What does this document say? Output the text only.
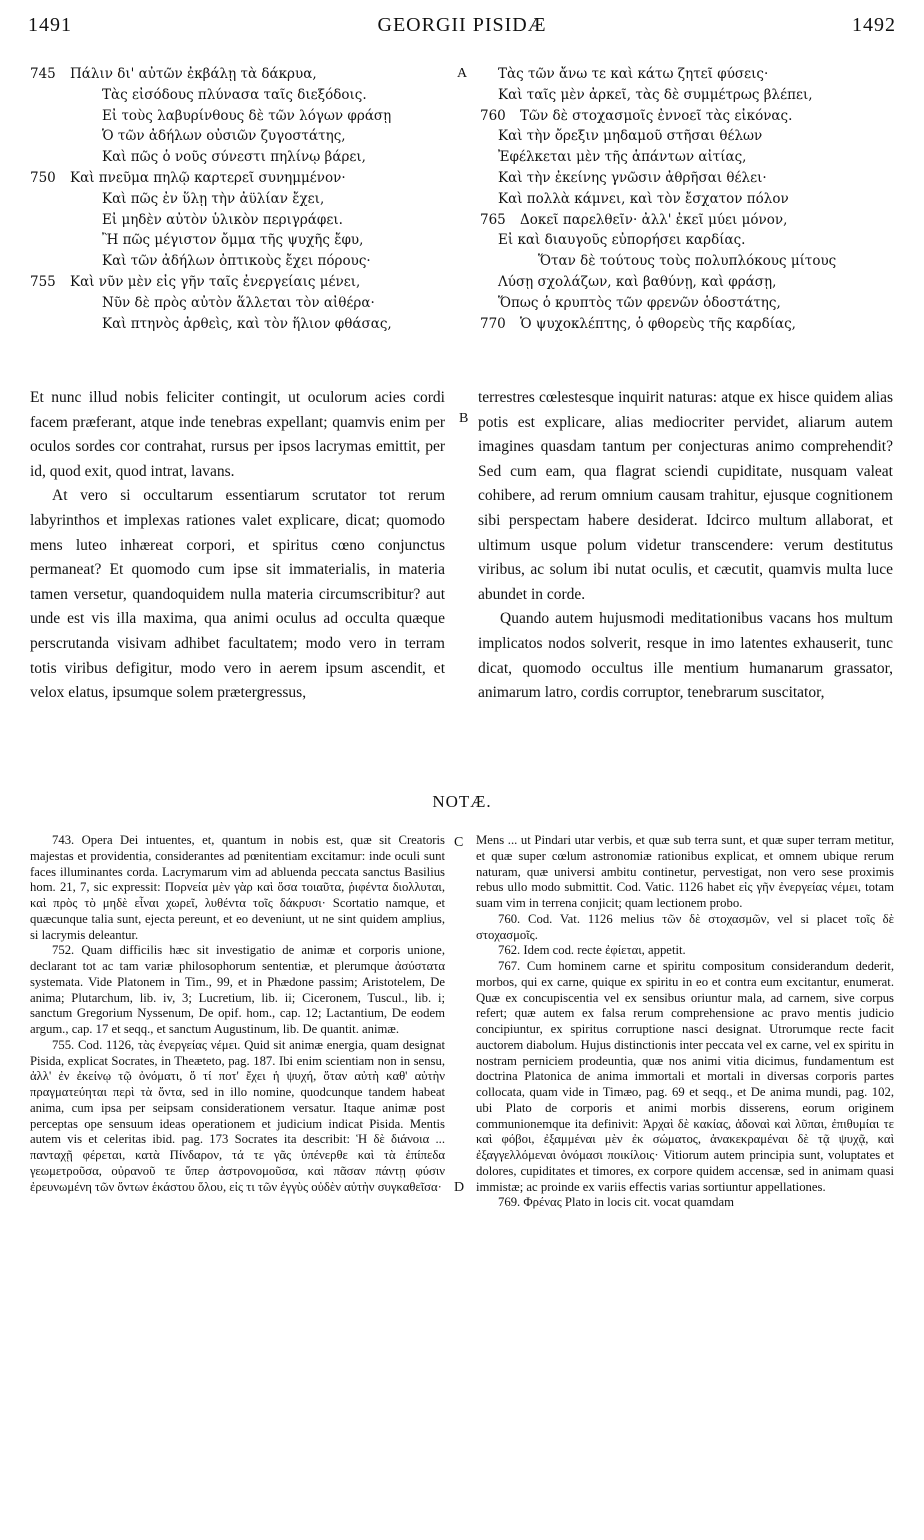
1491	GEORGII PISIDÆ	1492
A
B
C
D
745 Πάλιν δι' αὐτῶν ἐκβάλῃ τὰ δάκρυα,
Τὰς εἰσόδους πλύνασα ταῖς διεξόδοις.
Εἰ τοὺς λαβυρίνθους δὲ τῶν λόγων φράσῃ
Ὁ τῶν ἀδήλων οὐσιῶν ζυγοστάτης,
Καὶ πῶς ὁ νοῦς σύνεστι πηλίνῳ βάρει,
750 Καὶ πνεῦμα πηλῷ καρτερεῖ συνημμένον·
Καὶ πῶς ἐν ὕλῃ τὴν ἀϋλίαν ἔχει,
Εἰ μηδὲν αὐτὸν ὑλικὸν περιγράφει.
Ἢ πῶς μέγιστον ὄμμα τῆς ψυχῆς ἔφυ,
Καὶ τῶν ἀδήλων ὀπτικοὺς ἔχει πόρους·
755 Καὶ νῦν μὲν εἰς γῆν ταῖς ἐνεργείαις μένει,
Νῦν δὲ πρὸς αὐτὸν ἅλλεται τὸν αἰθέρα·
Καὶ πτηνὸς ἀρθεὶς, καὶ τὸν ἥλιον φθάσας,
Τὰς τῶν ἄνω τε καὶ κάτω ζητεῖ φύσεις·
Καὶ ταῖς μὲν ἀρκεῖ, τὰς δὲ συμμέτρως βλέπει,
760 Τῶν δὲ στοχασμοῖς ἐννοεῖ τὰς εἰκόνας.
Καὶ τὴν ὄρεξιν μηδαμοῦ στῆσαι θέλων
Ἐφέλκεται μὲν τῆς ἁπάντων αἰτίας,
Καὶ τὴν ἐκείνης γνῶσιν ἀθρῆσαι θέλει·
Καὶ πολλὰ κάμνει, καὶ τὸν ἔσχατον πόλον
765 Δοκεῖ παρελθεῖν· ἀλλ' ἐκεῖ μύει μόνον,
Εἰ καὶ διαυγοῦς εὐπορήσει καρδίας.
Ὅταν δὲ τούτους τοὺς πολυπλόκους μίτους
Λύσῃ σχολάζων, καὶ βαθύνῃ, καὶ φράσῃ,
Ὅπως ὁ κρυπτὸς τῶν φρενῶν ὁδοστάτης,
770 Ὁ ψυχοκλέπτης, ὁ φθορεὺς τῆς καρδίας,

Et nunc illud nobis feliciter contingit, ut oculorum acies cordi facem præferant, atque inde tenebras expellant; quamvis enim per oculos sordes cor contrahat, rursus per ipsos lacrymas emittit, per id, quod exit, quod intrat, lavans.

At vero si occultarum essentiarum scrutator tot rerum labyrinthos et implexas rationes valet explicare, dicat; quomodo mens luteo inhæreat corpori, et spiritus cœno conjunctus permaneat? Et quomodo cum ipse sit immaterialis, in materia tamen versetur, quandoquidem nulla materia circumscribitur? aut unde est vis illa maxima, qua animi oculus ad occulta quæque perscrutanda visivam adhibet facultatem; modo vero in terram totis viribus defigitur, modo vero in aerem ipsum ascendit, et velox elatus, ipsumque solem prætergressus,

terrestres cœlestesque inquirit naturas: atque ex hisce quidem alias potis est explicare, alias mediocriter pervidet, aliarum autem imagines quasdam tantum per conjecturas animo comprehendit? Sed cum eam, qua flagrat sciendi cupiditate, nusquam valeat cohibere, ad rerum omnium causam trahitur, ejusque cognitionem sibi perspectam habere desiderat. Idcirco multum allaborat, et ultimum usque polum videtur transcendere: verum destitutus viribus, ac solum ibi nutat oculis, et cæcutit, quamvis multa luce abundet in corde.

Quando autem hujusmodi meditationibus vacans hos multum implicatos nodos solverit, resque in imo latentes exhauserit, tunc dicat, quomodo occultus ille mentium humanarum grassator, animarum latro, cordis corruptor, tenebrarum suscitator,

NOTÆ.

743. Opera Dei intuentes, et, quantum in nobis est, quæ sit Creatoris majestas et providentia, considerantes ad pœnitentiam excitamur: inde oculi sunt faces illuminantes corda. Lacrymarum vim ad abluenda peccata sanctus Basilius hom. 21, 7, sic expressit: Πορνεία μὲν γὰρ καὶ ὅσα τοιαῦτα, ῥιφέντα διολλυται, καὶ πρὸς τὸ μηδὲ εἶναι χωρεῖ, λυθέντα τοῖς δάκρυσι· Scortatio namque, et quæcunque talia sunt, ejecta pereunt, et eo deveniunt, ut ne sint quidem amplius, si lacrymis deleantur.

752. Quam difficilis hæc sit investigatio de animæ et corporis unione, declarant tot ac tam variæ philosophorum sententiæ, et plerumque ἀσύστατα systemata. Vide Platonem in Tim., 99, et in Phædone passim; Aristotelem, De anima; Plutarchum, lib. iv, 3; Lucretium, lib. ii; Ciceronem, Tuscul., lib. i; sanctum Gregorium Nyssenum, De opif. hom., cap. 12; Lactantium, De eodem argum., cap. 17 et seqq., et sanctum Augustinum, lib. De quantit. animæ.

755. Cod. 1126, τὰς ἐνεργείας νέμει. Quid sit animæ energia, quam designat Pisida, explicat Socrates, in Theæteto, pag. 187. Ibi enim scientiam non in sensu, ἀλλ' ἐν ἐκείνῳ τῷ ὀνόματι, ὅ τί ποτ' ἔχει ἡ ψυχή, ὅταν αὐτὴ καθ' αὑτὴν πραγματεύηται περὶ τὰ ὄντα, sed in illo nomine, quodcunque tandem habeat anima, cum ipsa per seipsam considerationem versatur. Itaque animæ post perceptas ope sensuum ideas operationem et judicium indicat Pisida. Mentis autem vis et celeritas ibid. pag. 173 Socrates ita describit: Ἡ δὲ διάνοια ... πανταχῇ φέρεται, κατὰ Πίνδαρον, τά τε γᾶς ὑπένερθε καὶ τὰ ἐπίπεδα γεωμετροῦσα, οὐρανοῦ τε ὕπερ ἀστρονομοῦσα, καὶ πᾶσαν πάντῃ φύσιν ἐρευνωμένη τῶν ὄντων ἑκάστου ὅλου, εἰς τι τῶν ἐγγὺς οὐδὲν αὑτὴν συγκαθεῖσα·

Mens ... ut Pindari utar verbis, et quæ sub terra sunt, et quæ super terram metitur, et quæ super cœlum astronomiæ rationibus explicat, et omnem ubique rerum naturam, quæ universi ambitu continetur, pervestigat, non vero sese proximis rebus ullo modo submittit. Cod. Vatic. 1126 habet εἰς γῆν ἐνεργείας νέμει, totam suam vim in terrena conjicit; quam lectionem probo.

760. Cod. Vat. 1126 melius τῶν δὲ στοχασμῶν, vel si placet τοῖς δὲ στοχασμοῖς.

762. Idem cod. recte ἐφίεται, appetit.

767. Cum hominem carne et spiritu compositum considerandum dederit, morbos, qui ex carne, quique ex spiritu in eo et contra eum excitantur, enumerat. Quæ ex concupiscentia vel ex sensibus oriuntur mala, ad carnem, sive corpus refert; quæ autem ex falsa rerum comprehensione ac pravo mentis judicio concipiuntur, ex spiritus corruptione nasci designat. Utrorumque recte facit auctorem diabolum. Hujus distinctionis inter peccata vel ex carne, vel ex spiritu in nostram perniciem prodeuntia, quæ nos animi vitia dicimus, fundamentum est doctrina Platonica de anima immortali et mortali in diversas corporis partes collocata, quam vide in Timæo, pag. 69 et seqq., et De anima mundi, pag. 102, ubi Plato de corporis et animi morbis disserens, eorum originem communionemque ita definivit: Ἀρχαὶ δὲ κακίας, ἁδοναὶ καὶ λῦπαι, ἐπιθυμίαι τε καὶ φόβοι, ἐξαμμέναι μὲν ἐκ σώματος, ἀνακεκραμέναι δὲ τᾷ ψυχᾷ, καὶ ἐξαγγελλόμεναι ὀνόμασι ποικίλοις· Vitiorum autem principia sunt, voluptates et dolores, cupiditates et timores, ex corpore quidem accensæ, sed in animam quasi immistæ; ac proinde ex variis effectis varias sortiuntur appellationes.

769. Φρένας Plato in locis cit. vocat quamdam
